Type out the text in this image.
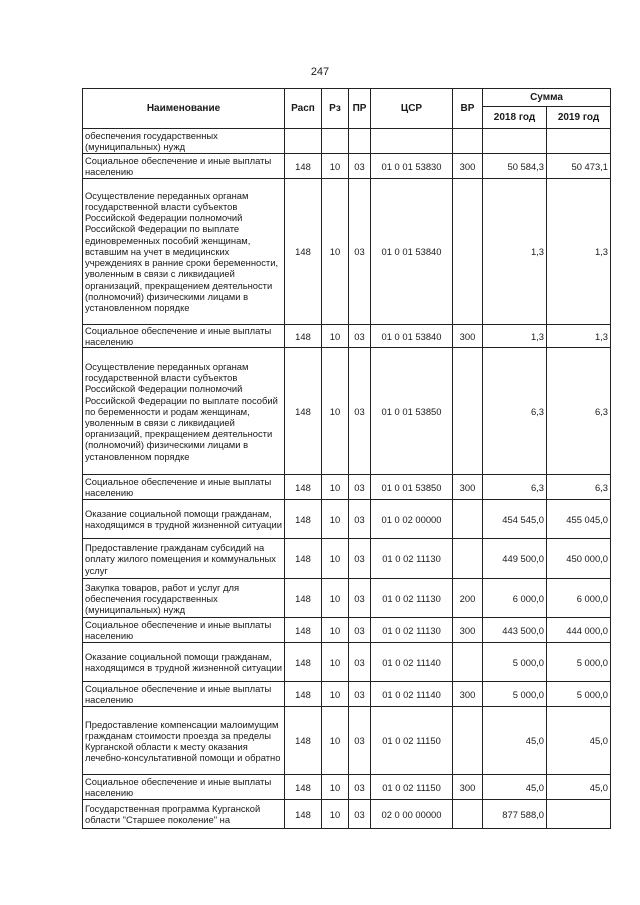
247
Наименование	Расп	Рз	ПР	ЦСР	ВР	Сумма	
						2018 год	2019 год
обеспечения государственных (муниципальных) нужд							
Социальное обеспечение и иные выплаты населению	148	10	03	01 0 01 53830	300	50 584,3	50 473,1
Осуществление переданных органам государственной власти субъектов Российской Федерации полномочий Российской Федерации по выплате единовременных пособий женщинам, вставшим на учет в медицинских учреждениях в ранние сроки беременности, уволенным в связи с ликвидацией организаций, прекращением деятельности (полномочий) физическими лицами в установленном порядке	148	10	03	01 0 01 53840		1,3	1,3
Социальное обеспечение и иные выплаты населению	148	10	03	01 0 01 53840	300	1,3	1,3
Осуществление переданных органам государственной власти субъектов Российской Федерации полномочий Российской Федерации по выплате пособий по беременности и родам женщинам, уволенным в связи с ликвидацией организаций, прекращением деятельности (полномочий) физическими лицами в установленном порядке	148	10	03	01 0 01 53850		6,3	6,3
Социальное обеспечение и иные выплаты населению	148	10	03	01 0 01 53850	300	6,3	6,3
Оказание социальной помощи гражданам, находящимся в трудной жизненной ситуации	148	10	03	01 0 02 00000		454 545,0	455 045,0
Предоставление гражданам субсидий на оплату жилого помещения и коммунальных услуг	148	10	03	01 0 02 11130		449 500,0	450 000,0
Закупка товаров, работ и услуг для обеспечения государственных (муниципальных) нужд	148	10	03	01 0 02 11130	200	6 000,0	6 000,0
Социальное обеспечение и иные выплаты населению	148	10	03	01 0 02 11130	300	443 500,0	444 000,0
Оказание социальной помощи гражданам, находящимся в трудной жизненной ситуации	148	10	03	01 0 02 11140		5 000,0	5 000,0
Социальное обеспечение и иные выплаты населению	148	10	03	01 0 02 11140	300	5 000,0	5 000,0
Предоставление компенсации малоимущим гражданам стоимости проезда за пределы Курганской области к месту оказания лечебно-консультативной помощи и обратно	148	10	03	01 0 02 11150		45,0	45,0
Социальное обеспечение и иные выплаты населению	148	10	03	01 0 02 11150	300	45,0	45,0
Государственная программа Курганской области "Старшее поколение" на	148	10	03	02 0 00 00000		877 588,0	
